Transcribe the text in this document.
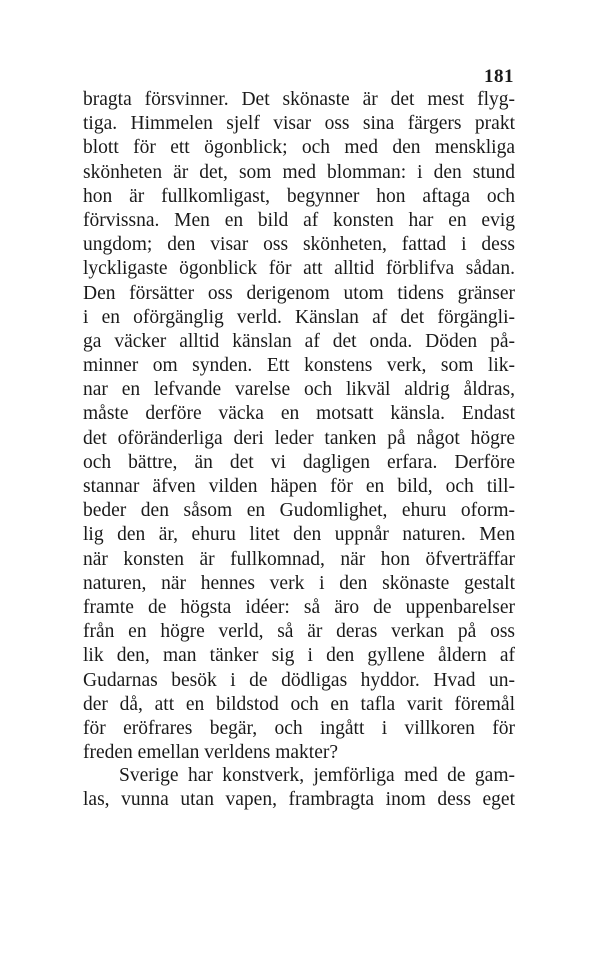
181
bragta försvinner. Det skönaste är det mest flyg-
tiga. Himmelen sjelf visar oss sina färgers prakt
blott för ett ögonblick; och med den menskliga
skönheten är det, som med blomman: i den stund
hon är fullkomligast, begynner hon aftaga och
förvissna. Men en bild af konsten har en evig
ungdom; den visar oss skönheten, fattad i dess
lyckligaste ögonblick för att alltid förblifva sådan.
Den försätter oss derigenom utom tidens gränser
i en oförgänglig verld. Känslan af det förgängli-
ga väcker alltid känslan af det onda. Döden på-
minner om synden. Ett konstens verk, som lik-
nar en lefvande varelse och likväl aldrig åldras,
måste derföre väcka en motsatt känsla. Endast
det oföränderliga deri leder tanken på något högre
och bättre, än det vi dagligen erfara. Derföre
stannar äfven vilden häpen för en bild, och till-
beder den såsom en Gudomlighet, ehuru oform-
lig den är, ehuru litet den uppnår naturen. Men
när konsten är fullkomnad, när hon öfverträffar
naturen, när hennes verk i den skönaste gestalt
framte de högsta idéer: så äro de uppenbarelser
från en högre verld, så är deras verkan på oss
lik den, man tänker sig i den gyllene åldern af
Gudarnas besök i de dödligas hyddor. Hvad un-
der då, att en bildstod och en tafla varit föremål
för eröfrares begär, och ingått i villkoren för
freden emellan verldens makter?
Sverige har konstverk, jemförliga med de gam-
las, vunna utan vapen, frambragta inom dess eget
